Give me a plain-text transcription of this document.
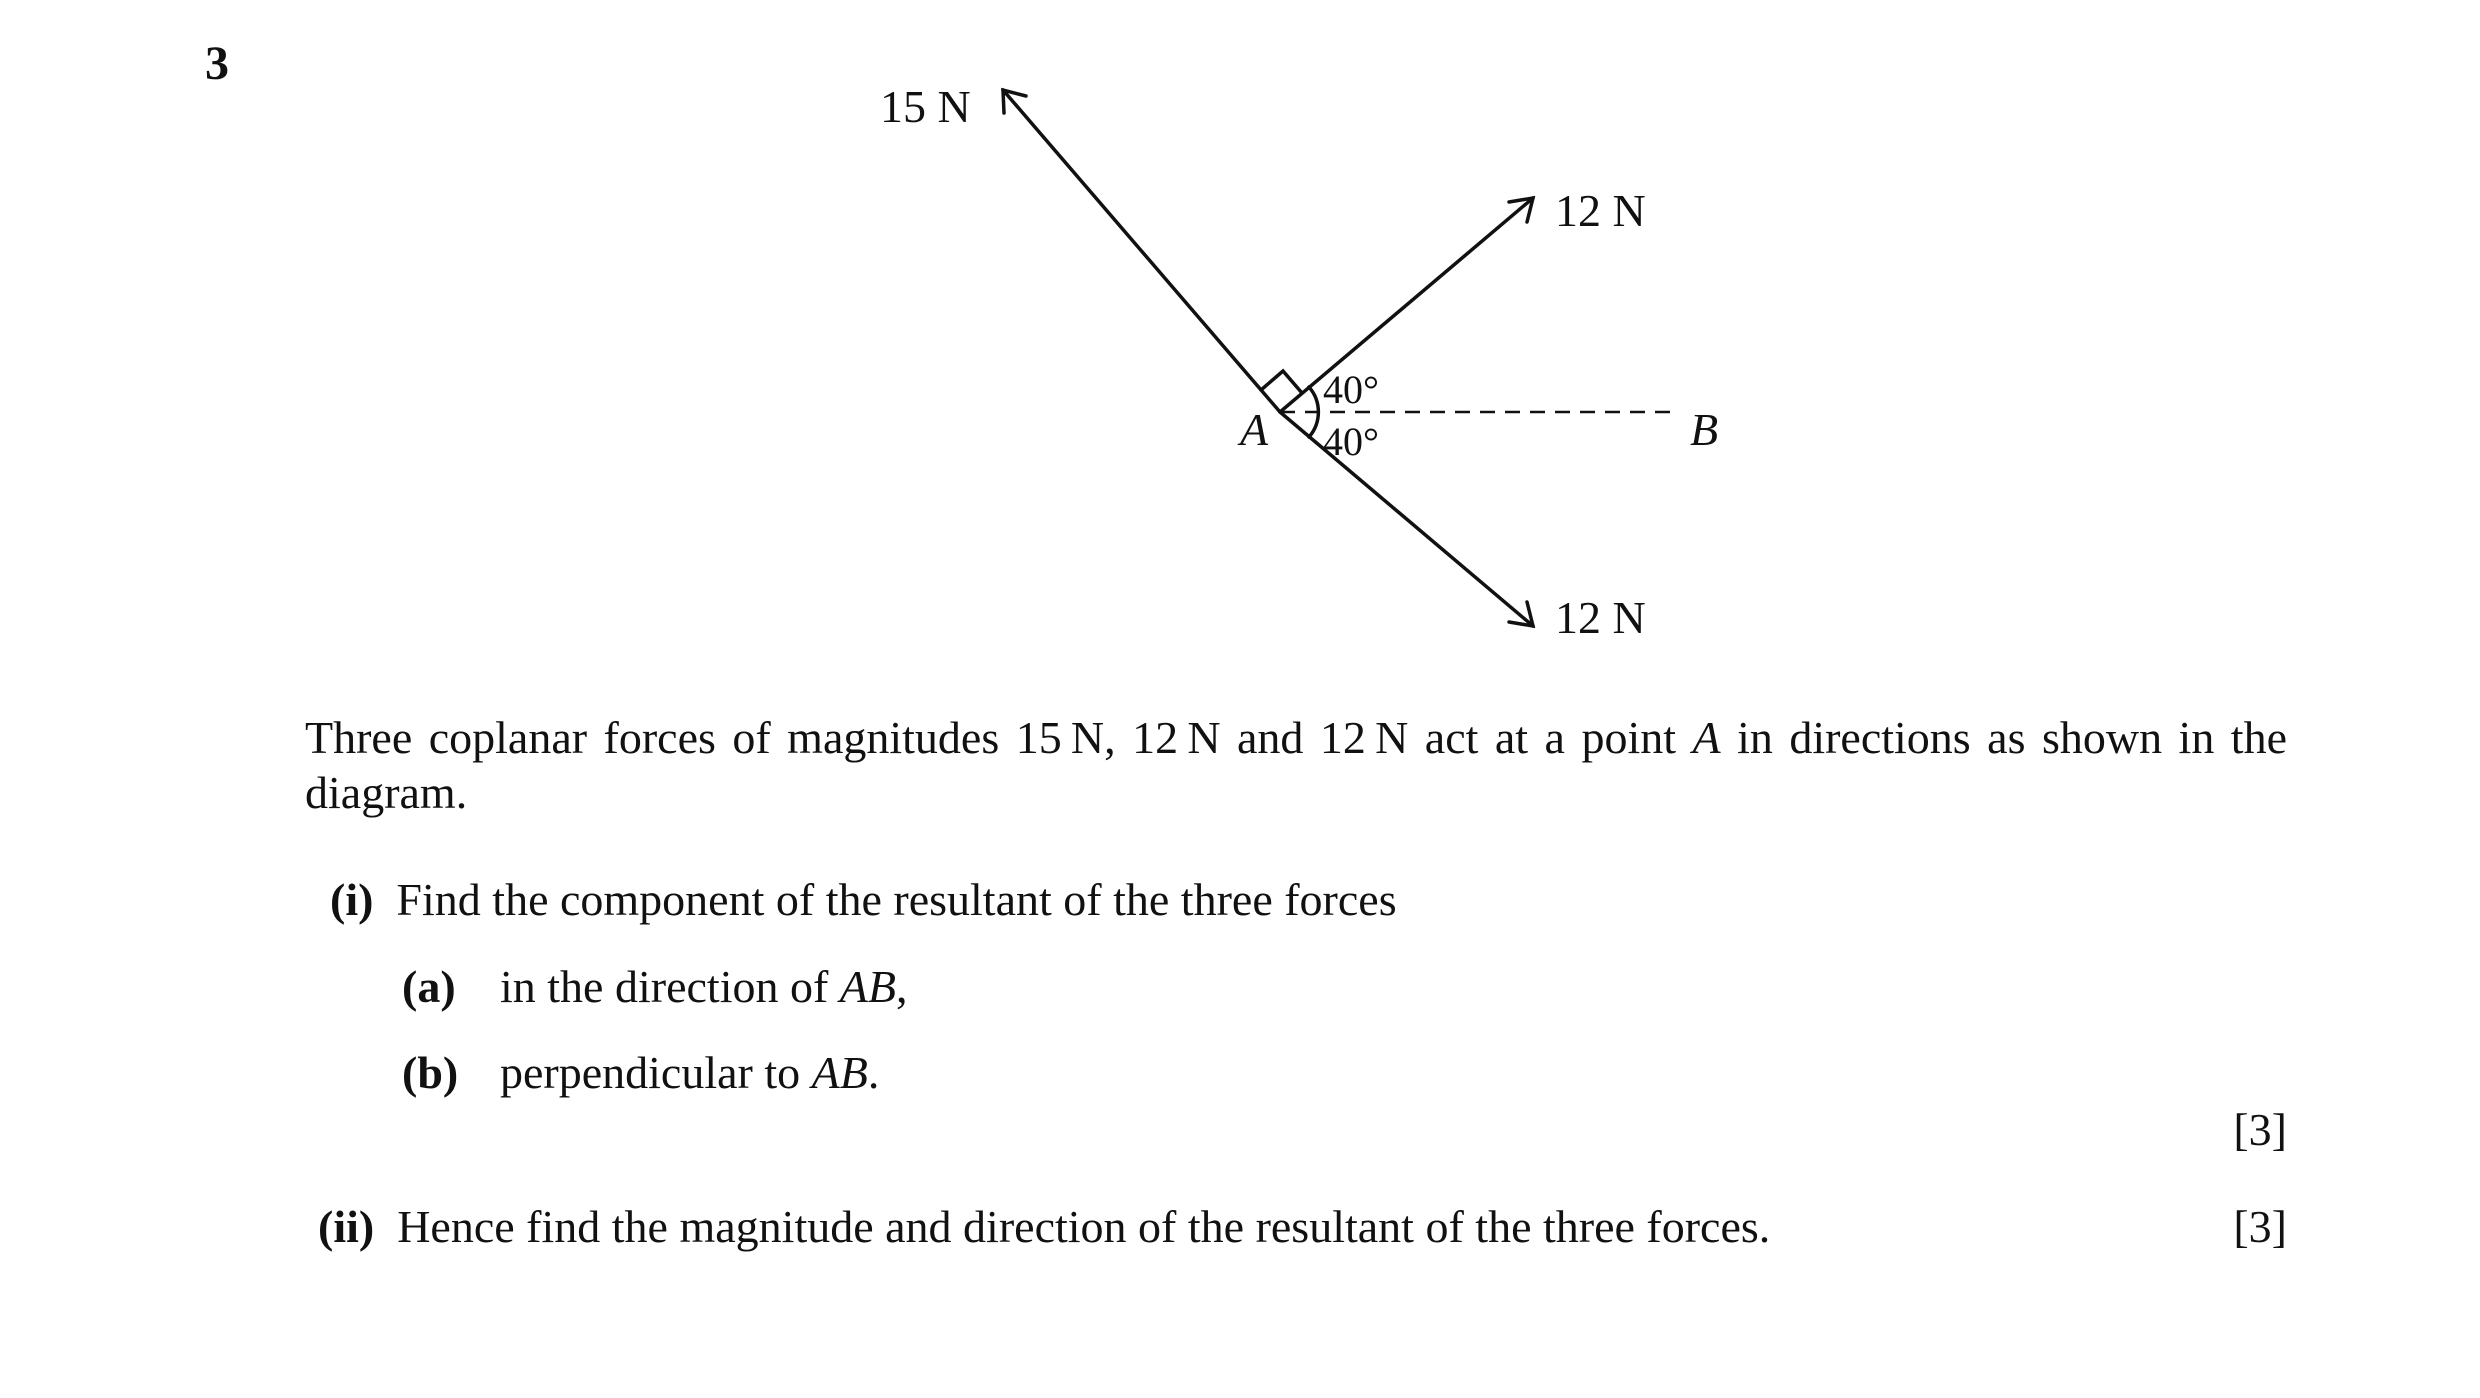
3
15 N
12 N
12 N
40°
40°
A	B

Three coplanar forces of magnitudes 15 N, 12 N and 12 N act at a point A in directions as shown in the diagram.

(i) Find the component of the resultant of the three forces
(a) in the direction of AB,
(b) perpendicular to AB.
[3]
(ii) Hence find the magnitude and direction of the resultant of the three forces.	[3]
